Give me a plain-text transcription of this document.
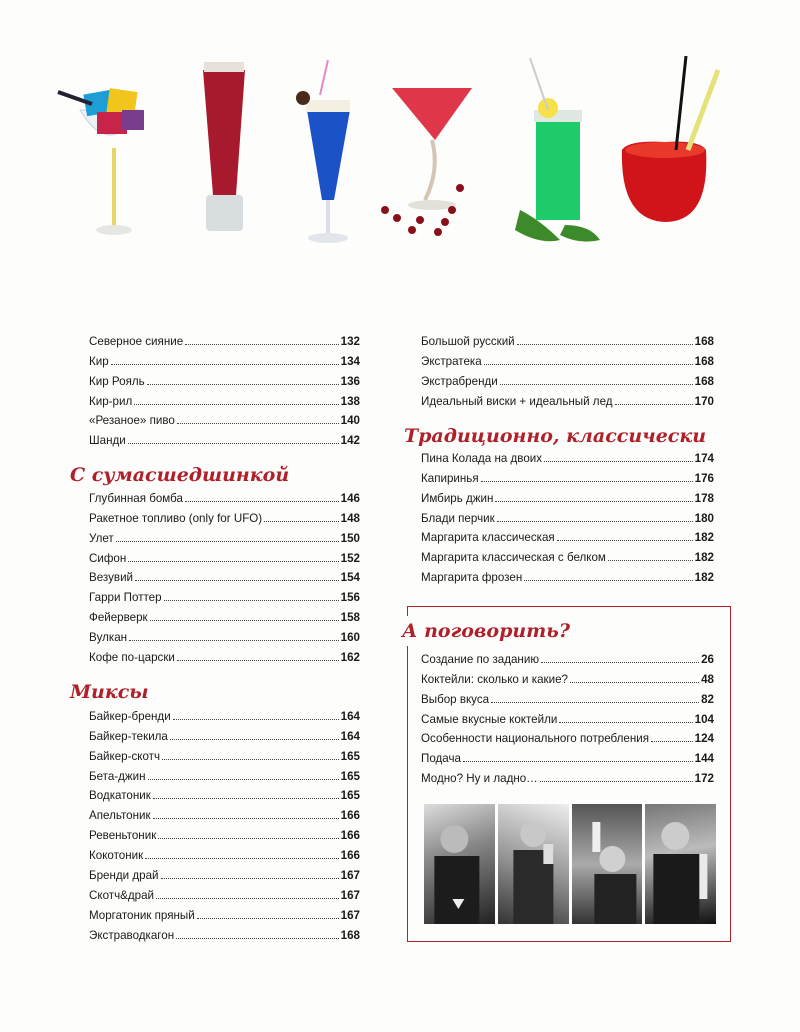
Северное сияние	132
Кир	134
Кир Рояль	136
Кир-рил	138
«Резаное» пиво	140
Шанди	142
С сумасшедшинкой
Глубинная бомба	146
Ракетное топливо (only for UFO)	148
Улет	150
Сифон	152
Везувий	154
Гарри Поттер	156
Фейерверк	158
Вулкан	160
Кофе по-царски	162
Миксы
Байкер-бренди	164
Байкер-текила	164
Байкер-скотч	165
Бета-джин	165
Водкатоник	165
Апельтоник	166
Ревеньтоник	166
Кокотоник	166
Бренди драй	167
Скотч&драй	167
Моргатоник пряный	167
Экстраводкагон	168
Большой русский	168
Экстратека	168
Экстрабренди	168
Идеальный виски + идеальный лед	170
Традиционно, классически
Пина Колада на двоих	174
Капиринья	176
Имбирь джин	178
Блади перчик	180
Маргарита классическая	182
Маргарита классическая с белком	182
Маргарита фрозен	182
А поговорить?
Создание по заданию	26
Коктейли: сколько и какие?	48
Выбор вкуса	82
Самые вкусные коктейли	104
Особенности национального потребления	124
Подача	144
Модно? Ну и ладно…	172
